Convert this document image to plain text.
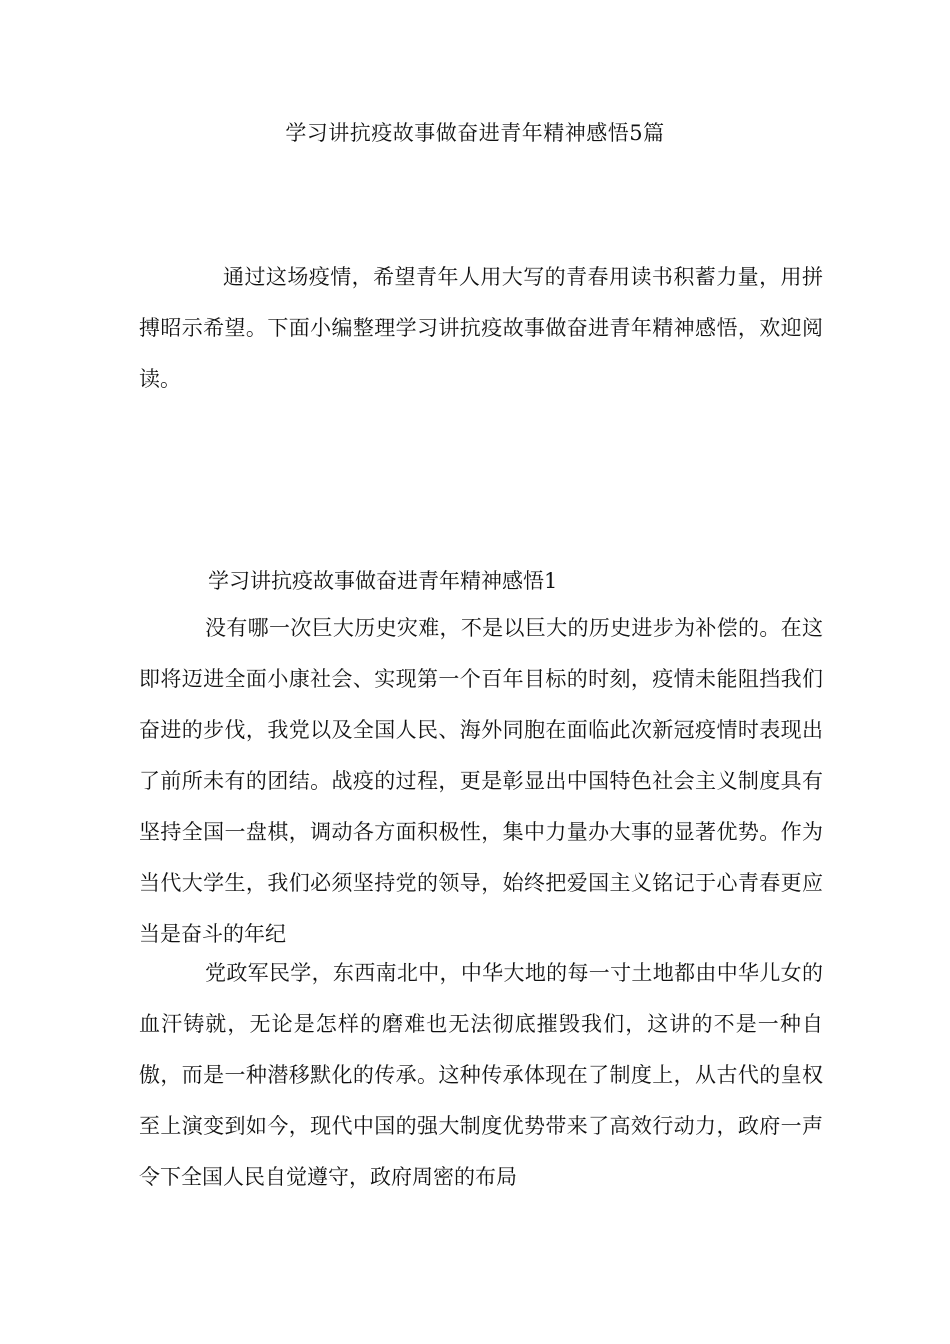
学习讲抗疫故事做奋进青年精神感悟5篇

通过这场疫情，希望青年人用大写的青春用读书积蓄力量，用拼搏昭示希望。下面小编整理学习讲抗疫故事做奋进青年精神感悟，欢迎阅读。

学习讲抗疫故事做奋进青年精神感悟1

没有哪一次巨大历史灾难，不是以巨大的历史进步为补偿的。在这即将迈进全面小康社会、实现第一个百年目标的时刻，疫情未能阻挡我们奋进的步伐，我党以及全国人民、海外同胞在面临此次新冠疫情时表现出了前所未有的团结。战疫的过程，更是彰显出中国特色社会主义制度具有坚持全国一盘棋，调动各方面积极性，集中力量办大事的显著优势。作为当代大学生，我们必须坚持党的领导，始终把爱国主义铭记于心青春更应当是奋斗的年纪

党政军民学，东西南北中，中华大地的每一寸土地都由中华儿女的血汗铸就，无论是怎样的磨难也无法彻底摧毁我们，这讲的不是一种自傲，而是一种潜移默化的传承。这种传承体现在了制度上，从古代的皇权至上演变到如今，现代中国的强大制度优势带来了高效行动力，政府一声令下全国人民自觉遵守，政府周密的布局
